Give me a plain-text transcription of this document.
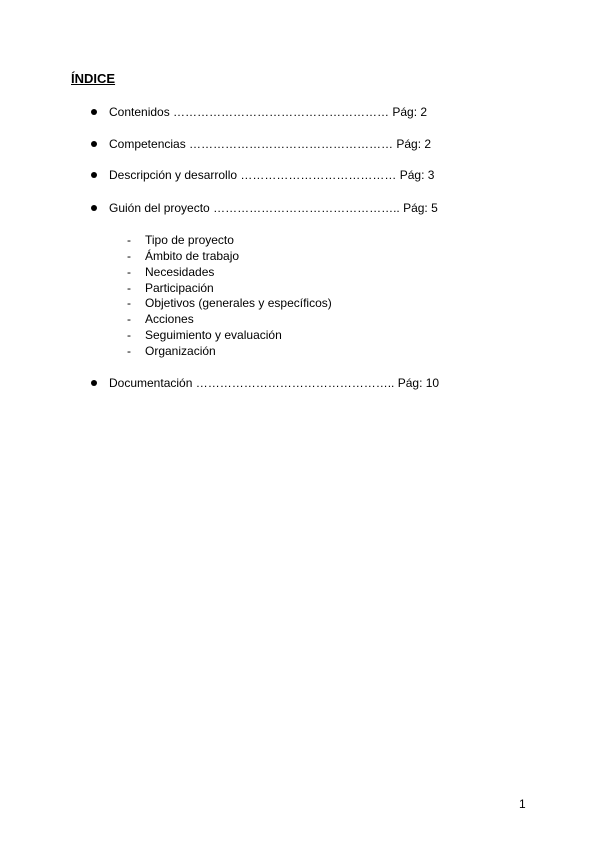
ÍNDICE
Contenidos ……………………………………………… Pág: 2
Competencias …………………………………………… Pág: 2
Descripción y desarrollo ………………………………… Pág: 3
Guión del proyecto ……………………………………….. Pág: 5
- Tipo de proyecto
- Ámbito de trabajo
- Necesidades
- Participación
- Objetivos (generales y específicos)
- Acciones
- Seguimiento y evaluación
- Organización
Documentación ………………………………………….. Pág: 10
1
